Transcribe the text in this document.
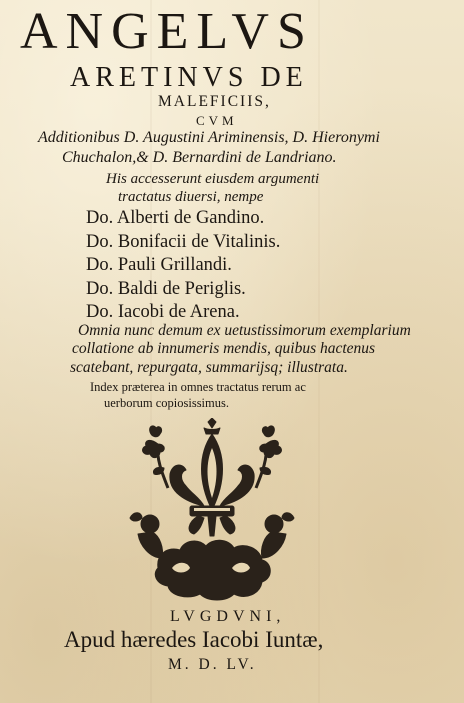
ANGELVS
ARETINVS DE
MALEFICIIS,
CVM
Additionibus D. Augustini Ariminensis, D. Hieronymi
Chuchalon,& D. Bernardini de Landriano.
His accesserunt eiusdem argumenti
tractatus diuersi, nempe
Do. Alberti de Gandino.
Do. Bonifacii de Vitalinis.
Do. Pauli Grillandi.
Do. Baldi de Periglis.
Do. Iacobi de Arena.
Omnia nunc demum ex uetustissimorum exemplarium
collatione ab innumeris mendis, quibus hactenus
scatebant, repurgata, summarijsq; illustrata.
Index præterea in omnes tractatus rerum ac
uerborum copiosissimus.
LVGDVNI,
Apud hæredes Iacobi Iuntæ,
M. D. LV.
